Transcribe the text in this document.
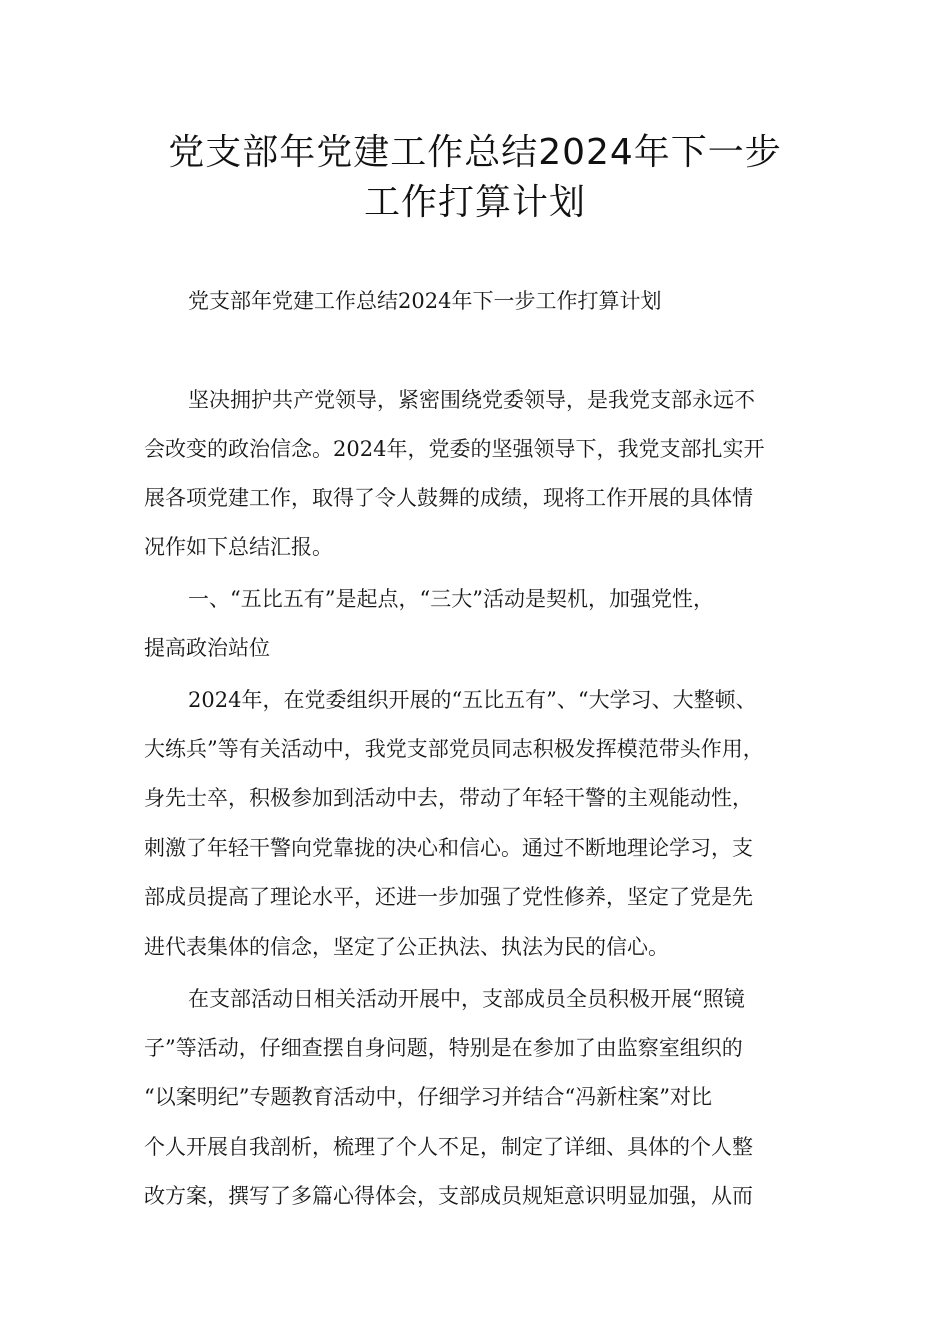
党支部年党建工作总结2024年下一步
工作打算计划
党支部年党建工作总结2024年下一步工作打算计划
坚决拥护共产党领导，紧密围绕党委领导，是我党支部永远不
会改变的政治信念。2024年，党委的坚强领导下，我党支部扎实开
展各项党建工作，取得了令人鼓舞的成绩，现将工作开展的具体情
况作如下总结汇报。
一、“五比五有”是起点，“三大”活动是契机，加强党性，
提高政治站位
2024年，在党委组织开展的“五比五有”、“大学习、大整顿、
大练兵”等有关活动中，我党支部党员同志积极发挥模范带头作用，
身先士卒，积极参加到活动中去，带动了年轻干警的主观能动性，
刺激了年轻干警向党靠拢的决心和信心。通过不断地理论学习，支
部成员提高了理论水平，还进一步加强了党性修养，坚定了党是先
进代表集体的信念，坚定了公正执法、执法为民的信心。
在支部活动日相关活动开展中，支部成员全员积极开展“照镜
子”等活动，仔细查摆自身问题，特别是在参加了由监察室组织的
“以案明纪”专题教育活动中，仔细学习并结合“冯新柱案”对比
个人开展自我剖析，梳理了个人不足，制定了详细、具体的个人整
改方案，撰写了多篇心得体会，支部成员规矩意识明显加强，从而
